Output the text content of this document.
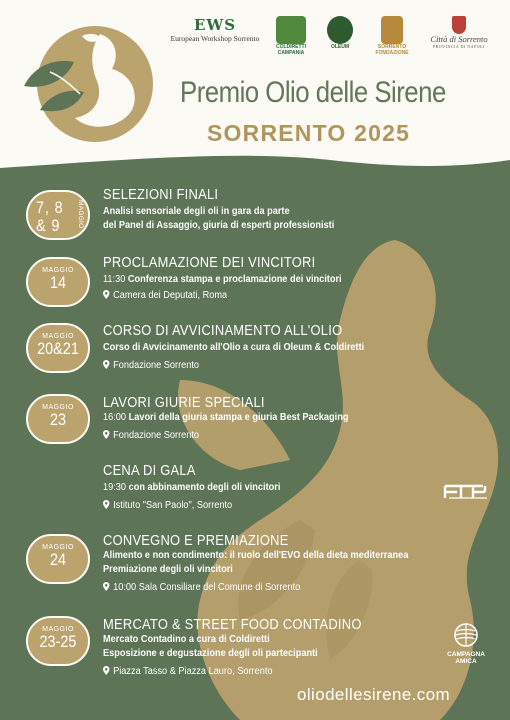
EWS
European Workshop Sorrento
COLDIRETTI CAMPANIA
OLEUM	SORRENTO FONDAZIONE
Città di Sorrento
PROVINCIA DI NAPOLI
Premio Olio delle Sirene
SORRENTO 2025
7, 8
& 9	MAGGIO
SELEZIONI FINALI
Analisi sensoriale degli oli in gara da parte
del Panel di Assaggio, giuria di esperti professionisti
MAGGIO
14
PROCLAMAZIONE DEI VINCITORI
11:30 Conferenza stampa e proclamazione dei vincitori
Camera dei Deputati, Roma
MAGGIO
20&21
CORSO DI AVVICINAMENTO ALL'OLIO
Corso di Avvicinamento all'Olio a cura di Oleum & Coldiretti
Fondazione Sorrento
MAGGIO
23
LAVORI GIURIE SPECIALI
16:00 Lavori della giuria stampa e giuria Best Packaging
Fondazione Sorrento
CENA DI GALA
19:30 con abbinamento degli oli vincitori
Istituto "San Paolo", Sorrento
MAGGIO
24
CONVEGNO E PREMIAZIONE
Alimento e non condimento: il ruolo dell'EVO della dieta mediterranea
Premiazione degli oli vincitori
10:00 Sala Consiliare del Comune di Sorrento
MAGGIO
23-25
MERCATO & STREET FOOD CONTADINO
Mercato Contadino a cura di Coldiretti
Esposizione e degustazione degli oli partecipanti
Piazza Tasso & Piazza Lauro, Sorrento
CAMPAGNA AMICA
oliodellesirene.com
